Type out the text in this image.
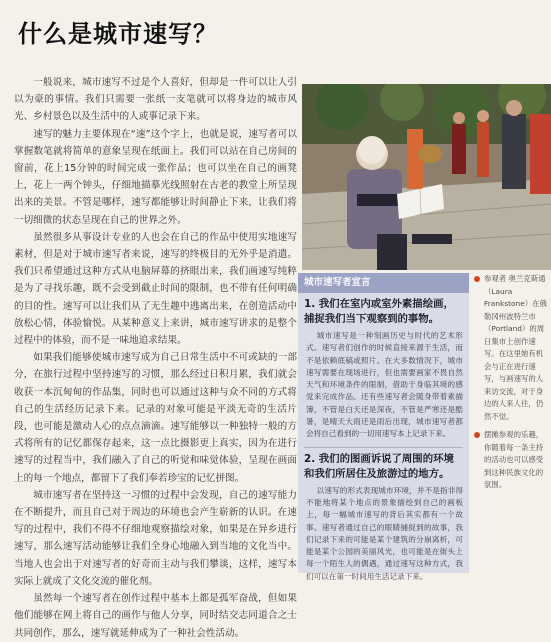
什么是城市速写？

一般说来，城市速写不过是个人喜好，但却是一件可以让人引以为豪的事情。我们只需要一张纸一支笔就可以将身边的城市风光、乡村景色以及生活中的人或事记录下来。

速写的魅力主要体现在“速”这个字上，也就是说，速写者可以掌握数笔就将简单的意象呈现在纸面上。我们可以站在自己房间的窗前，花上15分钟的时间完成一张作品；也可以坐在自己的画凳上，花上一两个钟头，仔细地描摹光线照射在古老的教堂上所呈现出来的美景。不管是哪样，速写都能够让时间静止下来，让我们将一切细微的状态呈现在自己的世界之外。

虽然很多从事设计专业的人也会在自己的作品中使用实地速写素材，但是对于城市速写者来说，速写的终极目的无外乎是消遣。我们只希望通过这种方式从电脑屏幕的挤眼出来，我们画速写纯粹是为了寻找乐趣，既不会受到截止时间的限制，也不带有任何明确的目的性。速写可以让我们从了无生趣中逃离出来，在创造活动中放松心情，体验愉悦。从某种意义上来讲，城市速写讲求的是整个过程中的体验，而不是一味地追求结果。

如果我们能够使城市速写成为自己日常生活中不可或缺的一部分，在旅行过程中坚持速写的习惯，那么经过日积月累，我们就会收获一本沉甸甸的作品集，同时也可以通过这种与众不同的方式将自己的生活经历记录下来。记录的对象可能是平淡无奇的生活片段，也可能是激动人心的点点滴滴。速写能够以一种独特一般的方式将所有的记忆都保存起来，这一点比摄影更上真实，因为在进行速写的过程当中，我们融入了自己的听觉和味觉体验，呈现在画面上的每一个地点，都留下了我们奉若珍宝的记忆拼图。

城市速写者在坚持这一习惯的过程中会发现，自己的速写能力在不断提升，而且自己对于周边的环境也会产生崭新的认识。在速写的过程中，我们不得不仔细地观察描绘对象，如果是在异乡进行速写，那么速写活动能够让我们全身心地融入到当地的文化当中。当地人也会出于对速写者的好奇而主动与我们攀谈，这样，速写本实际上就成了文化交流的催化剂。

虽然每一个速写者在创作过程中基本上都是孤军奋战，但如果他们能够在网上将自己的画作与他人分享，同时结交志同道合之士共同创作，那么，速写就延伸成为了一种社会性活动。

城市速写者宣言
1. 我们在室内或室外素描绘画，捕捉我们当下观察到的事物。
城市速写是一种刻画历史与时代的艺术形式。速写者们创作的时候直接来源于生活，而不是依赖底稿或照片。在大多数情况下，城市速写需要在现场进行，但也需要画家不畏自然天气和环境条件的限制，借助于身临其境的感觉来完成作品。还有些速写者会随身带着素描簿，不管是白天还是深夜，不管是严寒还是酷暑，是晴天大雨还是雨后出现，城市速写者都会将自己看到的一切用速写本上记录下来。
2. 我们的图画诉说了周围的环境和我们所居住及旅游过的地方。
以速写的形式表现城市环境，并不是指非得不能地将某个地点的景象描绘到自己的画板上，每一幅城市速写的背后其实都有一个故事。速写者通过自己的眼睛捕捉到的故事，我们记录下来的可能是某个建筑的分崩离析，可能是某个公园的美丽风光，也可能是在街头上每一个陌生人的偶遇，通过速写这种方式，我们可以在第一时间用生活记录下来。
参观者 奥兰克斯通（Laura Frankstone）在俄勒冈州波特兰市（Portland）的周日集市上创作速写。在这里她有机会与正在进行速写，与画速写的人来访交流，对于身边的人来人往，仍然不觉。
摆摊参观的乐趣，你随着每一条主持的活动也可以感受到这种民族文化的氛围。
